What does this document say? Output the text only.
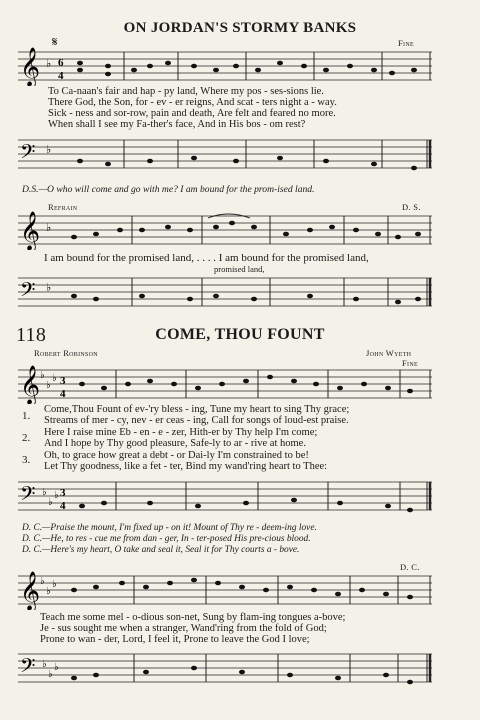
ON JORDAN'S STORMY BANKS
𝄋	Fine
𝄞 ♭ 6
4
To Ca-naan's fair and hap - py land, Where my pos - ses-sions lie.
There God, the Son, for - ev - er reigns, And scat - ters night a - way.
Sick - ness and sor-row, pain and death, Are felt and feared no more.
When shall I see my Fa-ther's face, And in His bos - om rest?
𝄢 ♭
D.S.—O who will come and go with me? I am bound for the prom-ised land.
Refrain	D. S.
𝄞 ♭
I am bound for the promised land, . . . . I am bound for the promised land,
promised land,
𝄢 ♭
118	COME, THOU FOUNT
Robert Robinson	John Wyeth
Fine
𝄞 ♭
♭
♭ 3
4
1.
2.
3.
Come,Thou Fount of ev-'ry bless - ing, Tune my heart to sing Thy grace;
Streams of mer - cy, nev - er ceas - ing, Call for songs of loud-est praise.
Here I raise mine Eb - en - e - zer, Hith-er by Thy help I'm come;
And I hope by Thy good pleasure, Safe-ly to ar - rive at home.
Oh, to grace how great a debt - or Dai-ly I'm constrained to be!
Let Thy goodness, like a fet - ter, Bind my wand'ring heart to Thee:
𝄢 ♭
♭
♭ 3
4
D. C.—Praise the mount, I'm fixed up - on it! Mount of Thy re - deem-ing love.
D. C.—He, to res - cue me from dan - ger, In - ter-posed His pre-cious blood.
D. C.—Here's my heart, O take and seal it, Seal it for Thy courts a - bove.
D. C.
𝄞 ♭
♭
♭
Teach me some mel - o-dious son-net, Sung by flam-ing tongues a-bove;
Je - sus sought me when a stranger, Wand'ring from the fold of God;
Prone to wan - der, Lord, I feel it, Prone to leave the God I love;
𝄢 ♭
♭
♭
